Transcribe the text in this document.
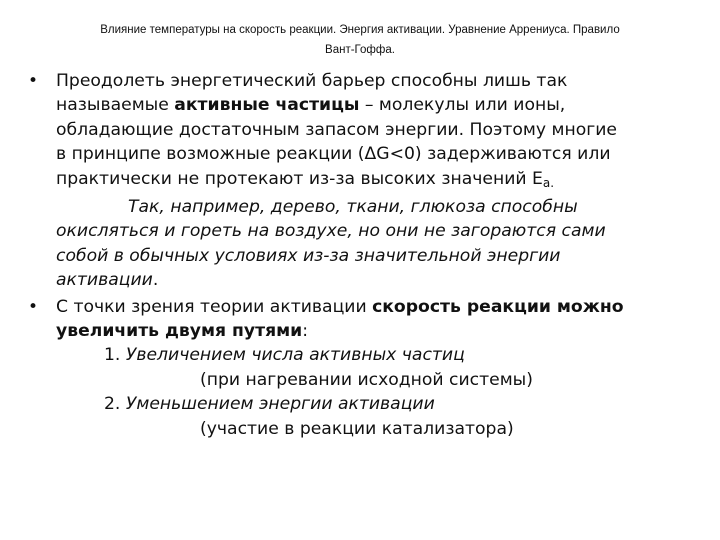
Влияние температуры на скорость реакции. Энергия активации. Уравнение Аррениуса. Правило
Вант-Гоффа.
•	Преодолеть энергетический барьер способны лишь так
называемые активные частицы – молекулы или ионы,
обладающие достаточным запасом энергии. Поэтому многие
в принципе возможные реакции (ΔG<0) задерживаются или
практически не протекают из-за высоких значений $E_{a.}$
Так, например, дерево, ткани, глюкоза способны
окисляться и гореть на воздухе, но они не загораются сами
собой в обычных условиях из-за значительной энергии
активации.
•	С точки зрения теории активации скорость реакции можно
увеличить двумя путями:
1. Увеличением числа активных частиц
(при нагревании исходной системы)
2. Уменьшением энергии активации
(участие в реакции катализатора)
